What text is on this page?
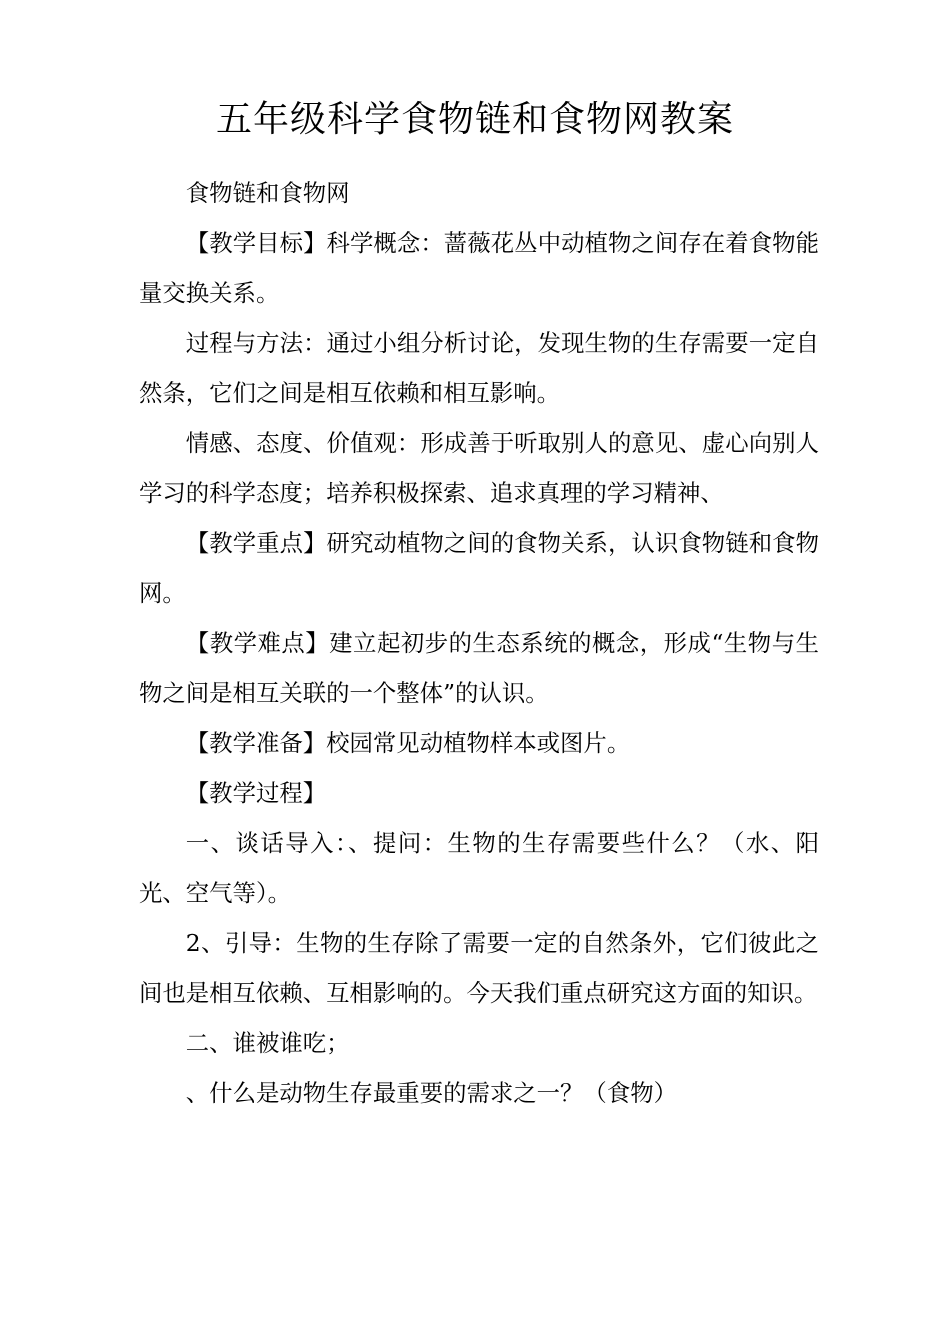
五年级科学食物链和食物网教案

食物链和食物网

【教学目标】科学概念：蔷薇花丛中动植物之间存在着食物能量交换关系。

过程与方法：通过小组分析讨论，发现生物的生存需要一定自然条，它们之间是相互依赖和相互影响。

情感、态度、价值观：形成善于听取别人的意见、虚心向别人学习的科学态度；培养积极探索、追求真理的学习精神、

【教学重点】研究动植物之间的食物关系，认识食物链和食物网。

【教学难点】建立起初步的生态系统的概念，形成“生物与生物之间是相互关联的一个整体”的认识。

【教学准备】校园常见动植物样本或图片。

【教学过程】

一、谈话导入：、提问：生物的生存需要些什么？（水、阳光、空气等）。

2、引导：生物的生存除了需要一定的自然条外，它们彼此之间也是相互依赖、互相影响的。今天我们重点研究这方面的知识。

二、谁被谁吃；

、什么是动物生存最重要的需求之一？（食物）
